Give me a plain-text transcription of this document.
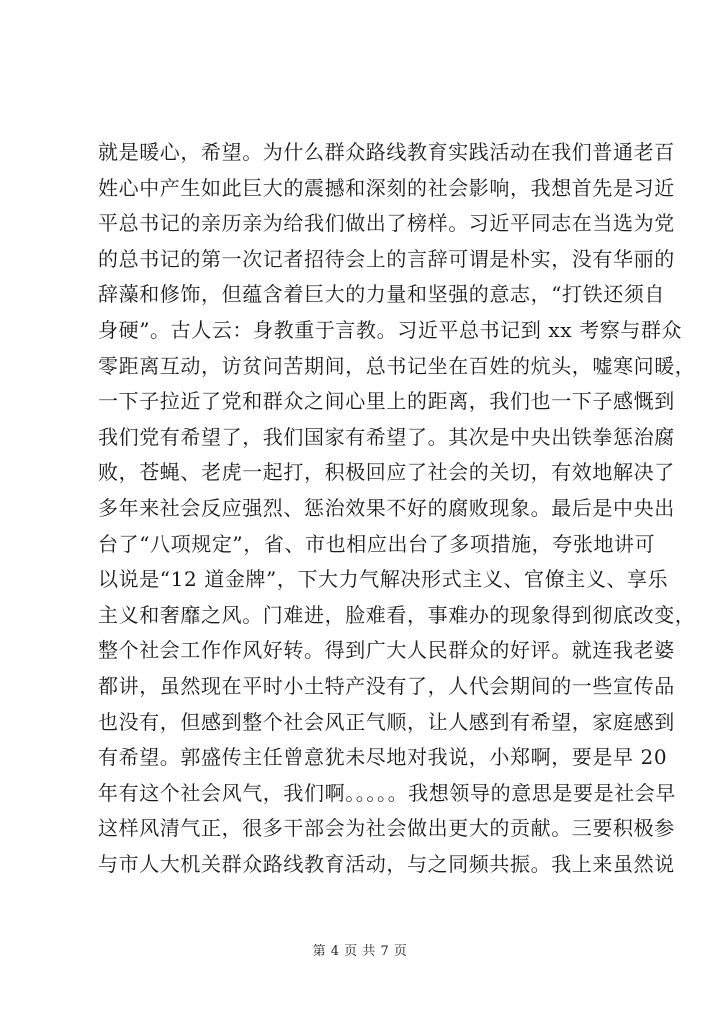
就是暖心，希望。为什么群众路线教育实践活动在我们普通老百
姓心中产生如此巨大的震撼和深刻的社会影响，我想首先是习近
平总书记的亲历亲为给我们做出了榜样。习近平同志在当选为党
的总书记的第一次记者招待会上的言辞可谓是朴实，没有华丽的
辞藻和修饰，但蕴含着巨大的力量和坚强的意志，“打铁还须自
身硬”。古人云：身教重于言教。习近平总书记到 xx 考察与群众
零距离互动，访贫问苦期间，总书记坐在百姓的炕头，嘘寒问暖，
一下子拉近了党和群众之间心里上的距离，我们也一下子感慨到
我们党有希望了，我们国家有希望了。其次是中央出铁拳惩治腐
败，苍蝇、老虎一起打，积极回应了社会的关切，有效地解决了
多年来社会反应强烈、惩治效果不好的腐败现象。最后是中央出
台了“八项规定”，省、市也相应出台了多项措施，夸张地讲可
以说是“12 道金牌”，下大力气解决形式主义、官僚主义、享乐
主义和奢靡之风。门难进，脸难看，事难办的现象得到彻底改变，
整个社会工作作风好转。得到广大人民群众的好评。就连我老婆
都讲，虽然现在平时小土特产没有了，人代会期间的一些宣传品
也没有，但感到整个社会风正气顺，让人感到有希望，家庭感到
有希望。郭盛传主任曾意犹未尽地对我说，小郑啊，要是早 20
年有这个社会风气，我们啊。。。。。我想领导的意思是要是社会早
这样风清气正，很多干部会为社会做出更大的贡献。三要积极参
与市人大机关群众路线教育活动，与之同频共振。我上来虽然说
第 4 页 共 7 页
